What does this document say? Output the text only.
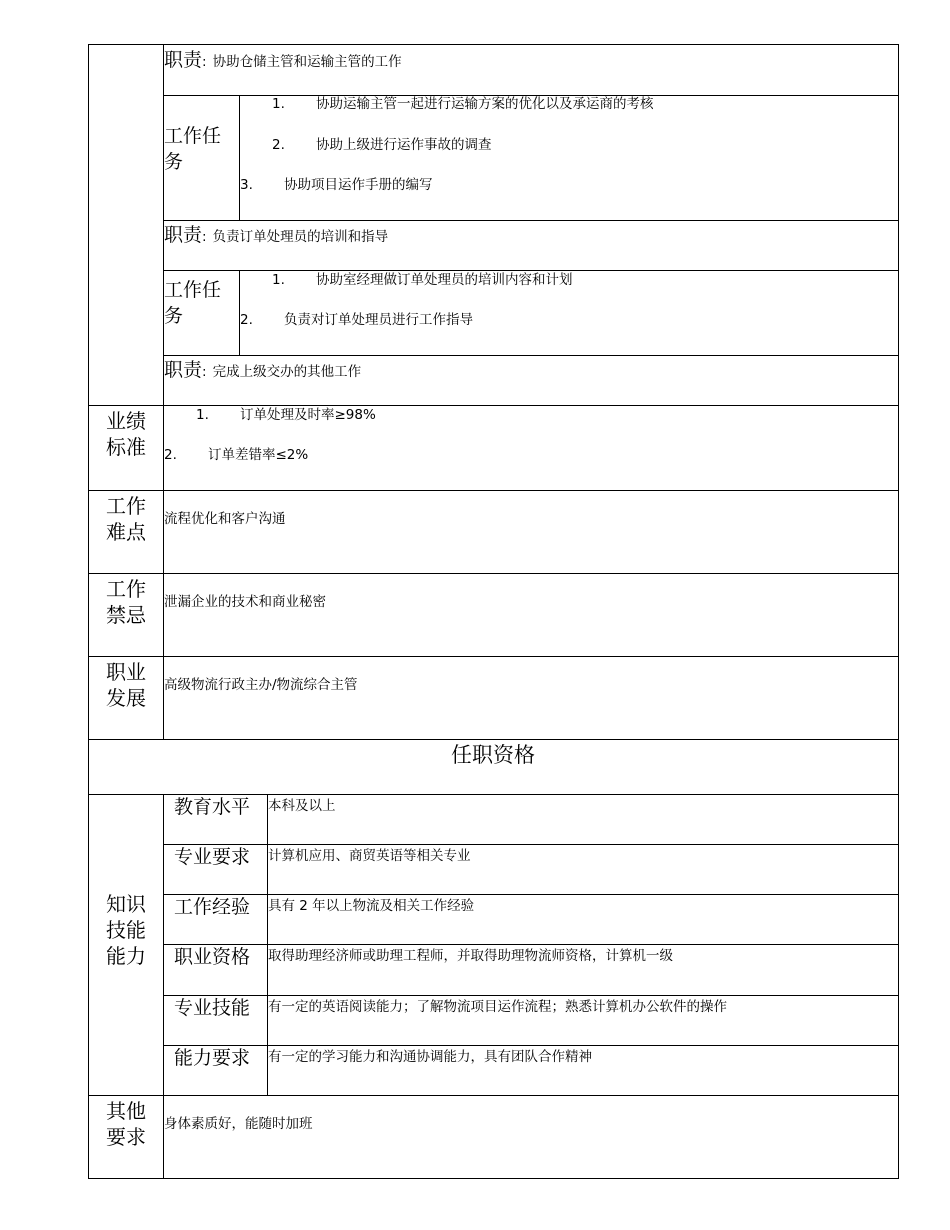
职责: 协助仓储主管和运输主管的工作
工作任务
1. 协助运输主管一起进行运输方案的优化以及承运商的考核
2. 协助上级进行运作事故的调查
3. 协助项目运作手册的编写
职责: 负责订单处理员的培训和指导
工作任务
1. 协助室经理做订单处理员的培训内容和计划
2. 负责对订单处理员进行工作指导
职责: 完成上级交办的其他工作
业绩标准
1. 订单处理及时率≥98%
2. 订单差错率≤2%
工作难点
流程优化和客户沟通
工作禁忌
泄漏企业的技术和商业秘密
职业发展
高级物流行政主办/物流综合主管
任职资格
知识技能能力
教育水平 本科及以上
专业要求 计算机应用、商贸英语等相关专业
工作经验 具有 2 年以上物流及相关工作经验
职业资格 取得助理经济师或助理工程师，并取得助理物流师资格，计算机一级
专业技能 有一定的英语阅读能力；了解物流项目运作流程；熟悉计算机办公软件的操作
能力要求 有一定的学习能力和沟通协调能力，具有团队合作精神
其他要求
身体素质好，能随时加班
